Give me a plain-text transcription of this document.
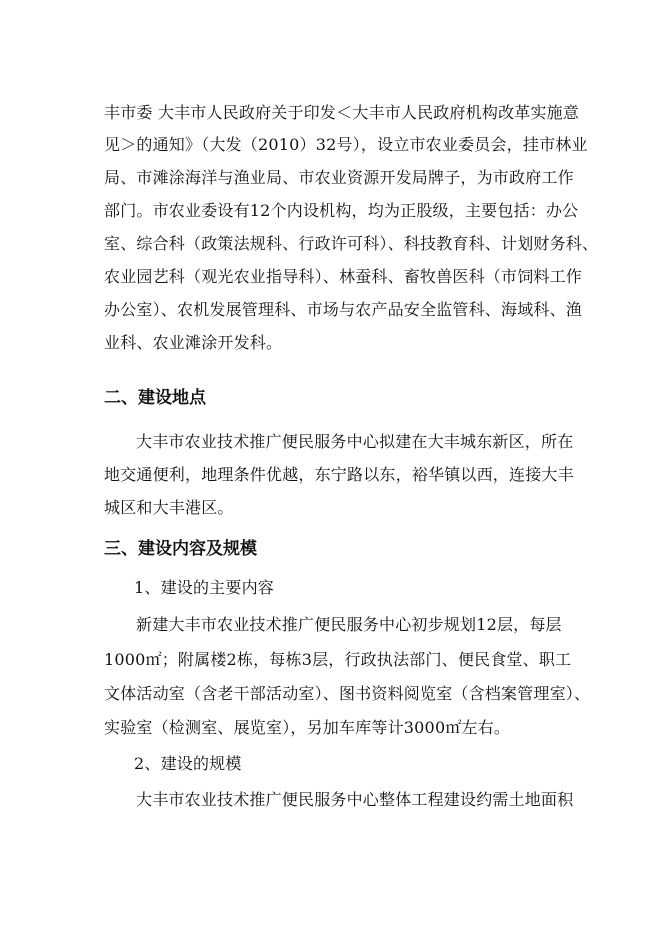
丰市委 大丰市人民政府关于印发＜大丰市人民政府机构改革实施意
见＞的通知》（大发（2010）32号），设立市农业委员会，挂市林业
局、市滩涂海洋与渔业局、市农业资源开发局牌子，为市政府工作
部门。市农业委设有12个内设机构，均为正股级，主要包括：办公
室、综合科（政策法规科、行政许可科）、科技教育科、计划财务科、
农业园艺科（观光农业指导科）、林蚕科、畜牧兽医科（市饲料工作
办公室）、农机发展管理科、市场与农产品安全监管科、海域科、渔
业科、农业滩涂开发科。
二、建设地点
大丰市农业技术推广便民服务中心拟建在大丰城东新区，所在
地交通便利，地理条件优越，东宁路以东，裕华镇以西，连接大丰
城区和大丰港区。
三、建设内容及规模
1、建设的主要内容
新建大丰市农业技术推广便民服务中心初步规划12层，每层
1000㎡；附属楼2栋，每栋3层，行政执法部门、便民食堂、职工
文体活动室（含老干部活动室）、图书资料阅览室（含档案管理室）、
实验室（检测室、展览室），另加车库等计3000㎡左右。
2、建设的规模
大丰市农业技术推广便民服务中心整体工程建设约需土地面积
